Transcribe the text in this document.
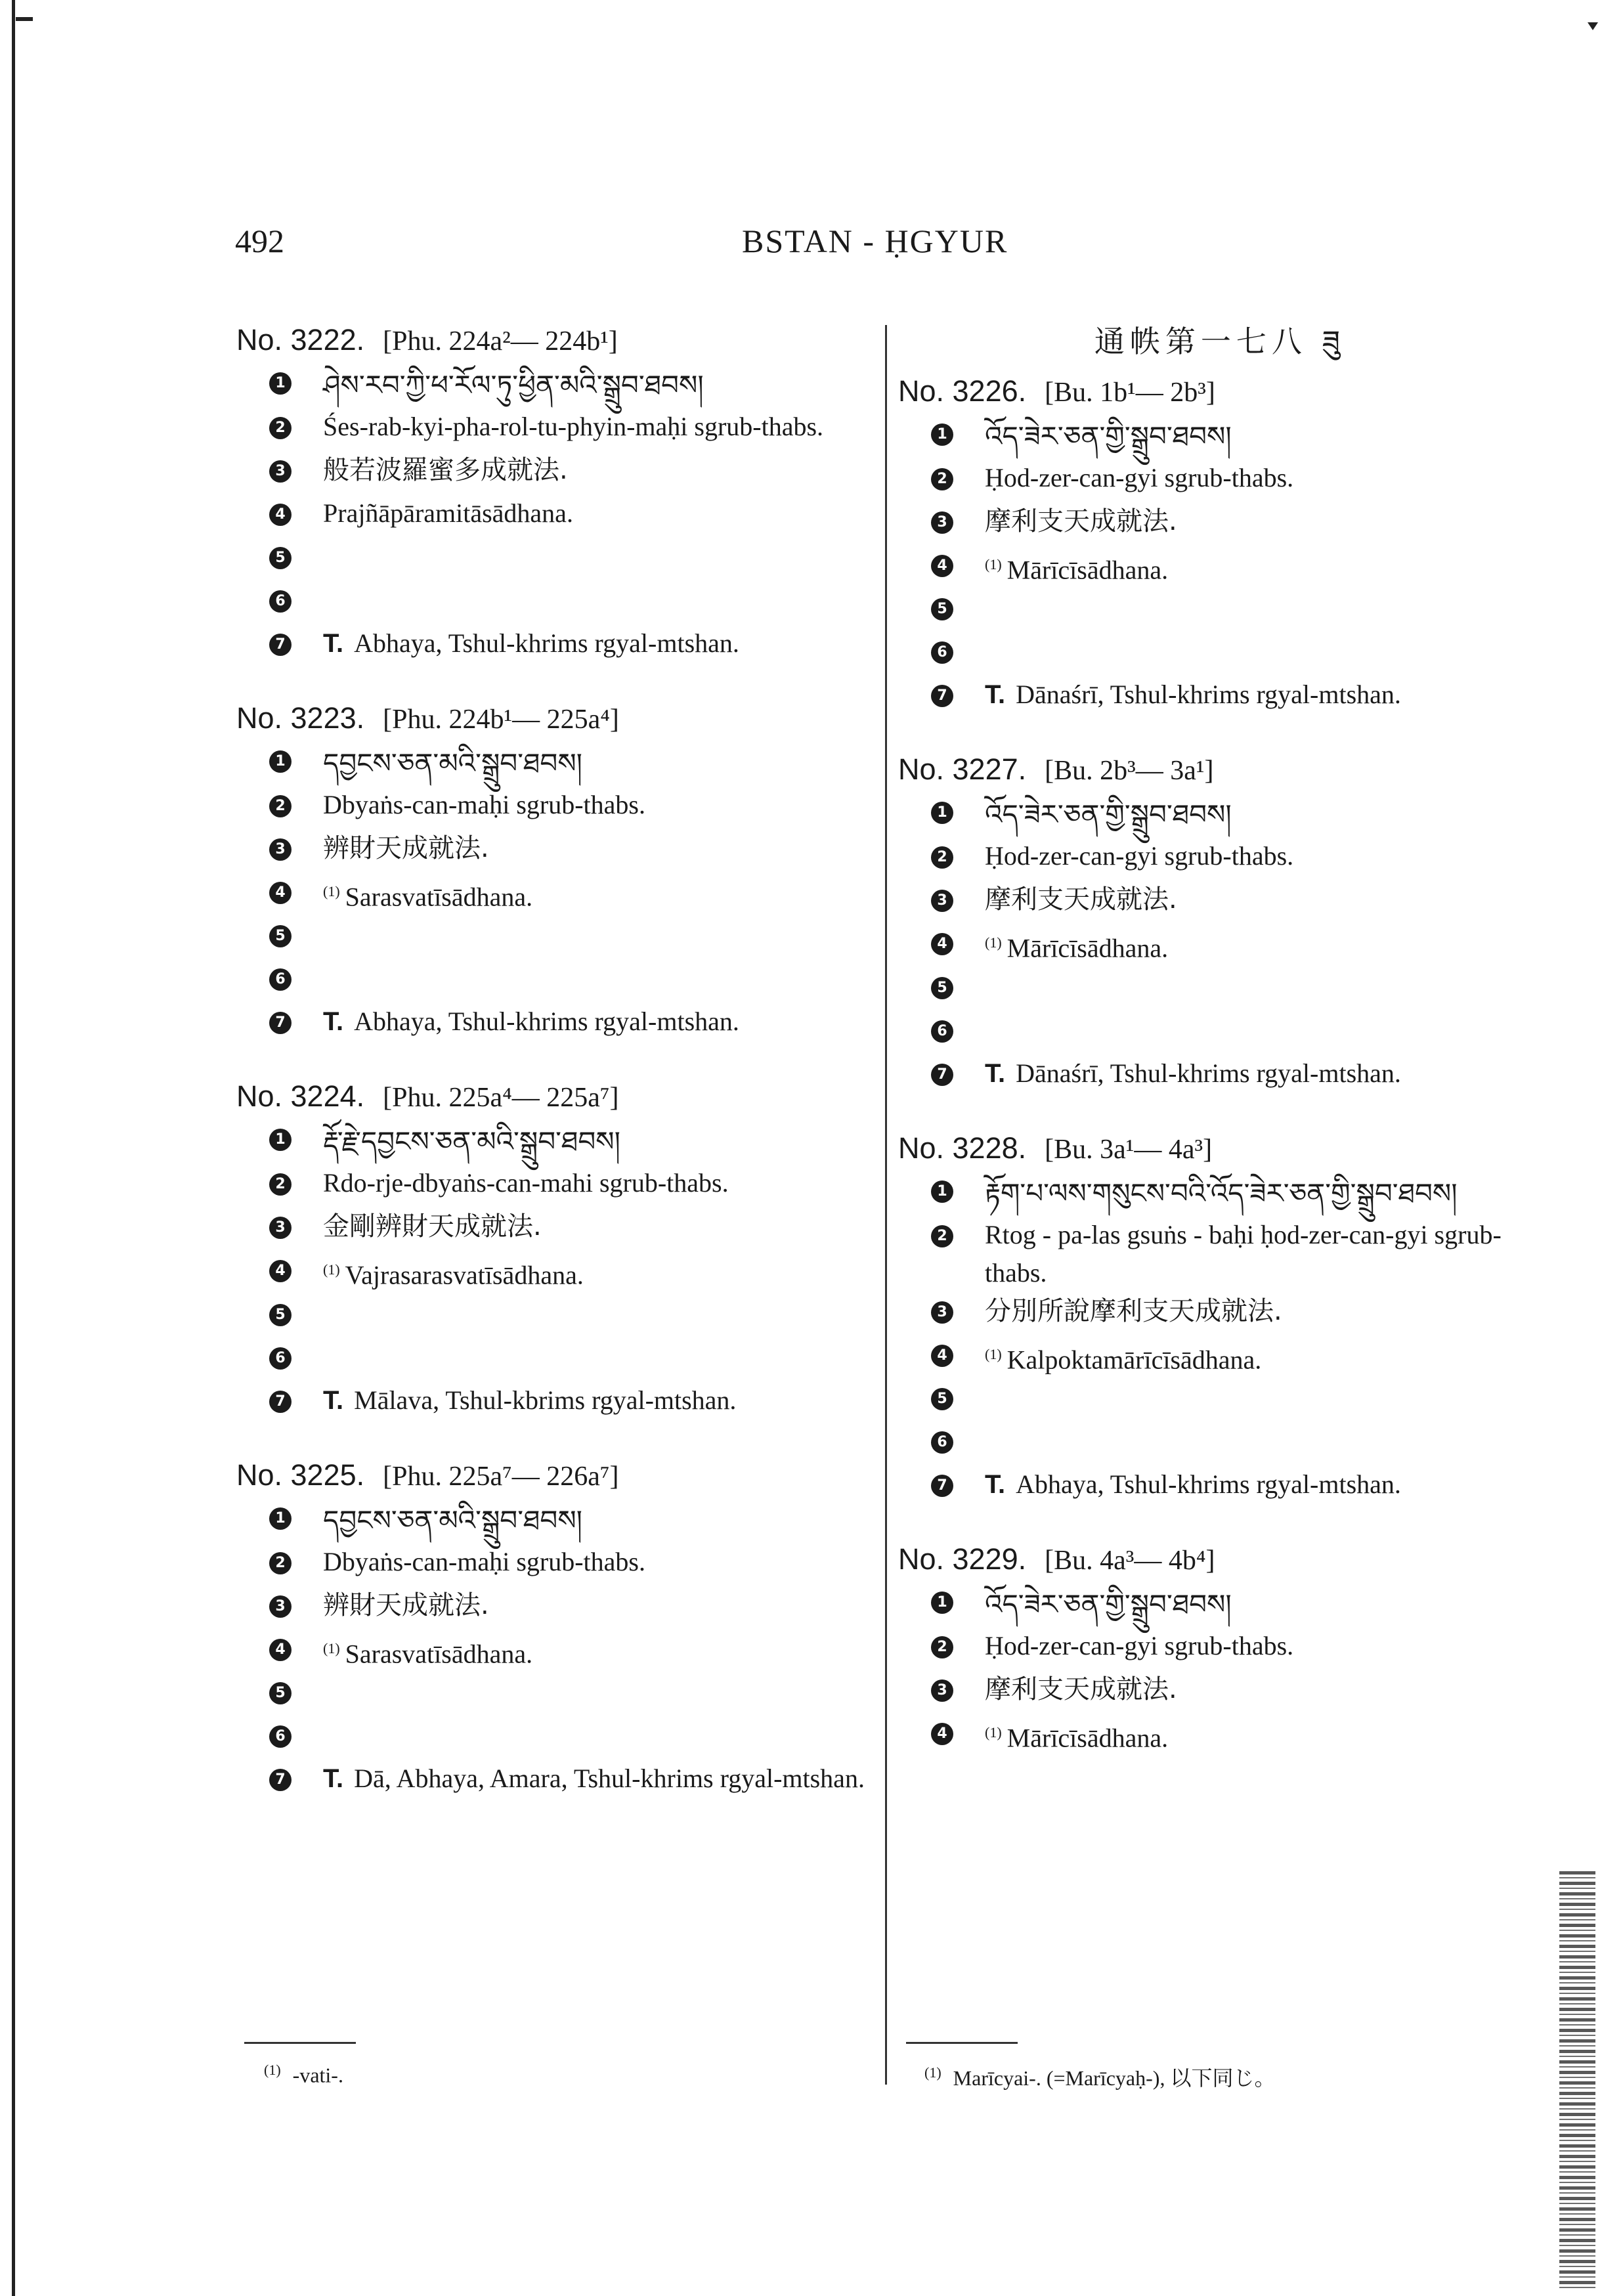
492	BSTAN - ḤGYUR
No. 3222. [Phu. 224a²— 224b¹]
1 ཤེས་རབ་ཀྱི་ཕ་རོལ་ཏུ་ཕྱིན་མའི་སྒྲུབ་ཐབས།
2 Śes-rab-kyi-pha-rol-tu-phyin-maḥi sgrub-thabs.
3 般若波羅蜜多成就法.
4 Prajñāpāramitāsādhana.
5
6
7 T. Abhaya, Tshul-khrims rgyal-mtshan.
No. 3223. [Phu. 224b¹— 225a⁴]
1 དབྱངས་ཅན་མའི་སྒྲུབ་ཐབས།
2 Dbyaṅs-can-maḥi sgrub-thabs.
3 辨財天成就法.
4	$^{(1)}$ Sarasvatīsādhana.
5
6
7 T. Abhaya, Tshul-khrims rgyal-mtshan.
No. 3224. [Phu. 225a⁴— 225a⁷]
1 རྡོ་རྗེ་དབྱངས་ཅན་མའི་སྒྲུབ་ཐབས།
2 Rdo-rje-dbyaṅs-can-mahi sgrub-thabs.
3 金剛辨財天成就法.
4	$^{(1)}$ Vajrasarasvatīsādhana.
5
6
7 T. Mālava, Tshul-kbrims rgyal-mtshan.
No. 3225. [Phu. 225a⁷— 226a⁷]
1 དབྱངས་ཅན་མའི་སྒྲུབ་ཐབས།
2 Dbyaṅs-can-maḥi sgrub-thabs.
3 辨財天成就法.
4	$^{(1)}$ Sarasvatīsādhana.
5
6
7 T. Dā, Abhaya, Amara, Tshul-khrims rgyal-mtshan.
通帙第一七八 ཟུ
No. 3226. [Bu. 1b¹— 2b³]
1 འོད་ཟེར་ཅན་གྱི་སྒྲུབ་ཐབས།
2 Ḥod-zer-can-gyi sgrub-thabs.
3 摩利支天成就法.
4	$^{(1)}$ Mārīcīsādhana.
5
6
7 T. Dānaśrī, Tshul-khrims rgyal-mtshan.
No. 3227. [Bu. 2b³— 3a¹]
1 འོད་ཟེར་ཅན་གྱི་སྒྲུབ་ཐབས།
2 Ḥod-zer-can-gyi sgrub-thabs.
3 摩利支天成就法.
4	$^{(1)}$ Mārīcīsādhana.
5
6
7 T. Dānaśrī, Tshul-khrims rgyal-mtshan.
No. 3228. [Bu. 3a¹— 4a³]
1 རྟོག་པ་ལས་གསུངས་བའི་འོད་ཟེར་ཅན་གྱི་སྒྲུབ་ཐབས།
2 Rtog - pa-las gsuṅs - baḥi ḥod-zer-can-gyi sgrub-thabs.
3 分別所說摩利支天成就法.
4	$^{(1)}$ Kalpoktamārīcīsādhana.
5
6
7 T. Abhaya, Tshul-khrims rgyal-mtshan.
No. 3229. [Bu. 4a³— 4b⁴]
1 འོད་ཟེར་ཅན་གྱི་སྒྲུབ་ཐབས།
2 Ḥod-zer-can-gyi sgrub-thabs.
3 摩利支天成就法.
4	$^{(1)}$ Mārīcīsādhana.
$^{(1)}$ -vati-.	$^{(1)}$ Marīcyai-. (=Marīcyaḥ-), 以下同じ。
